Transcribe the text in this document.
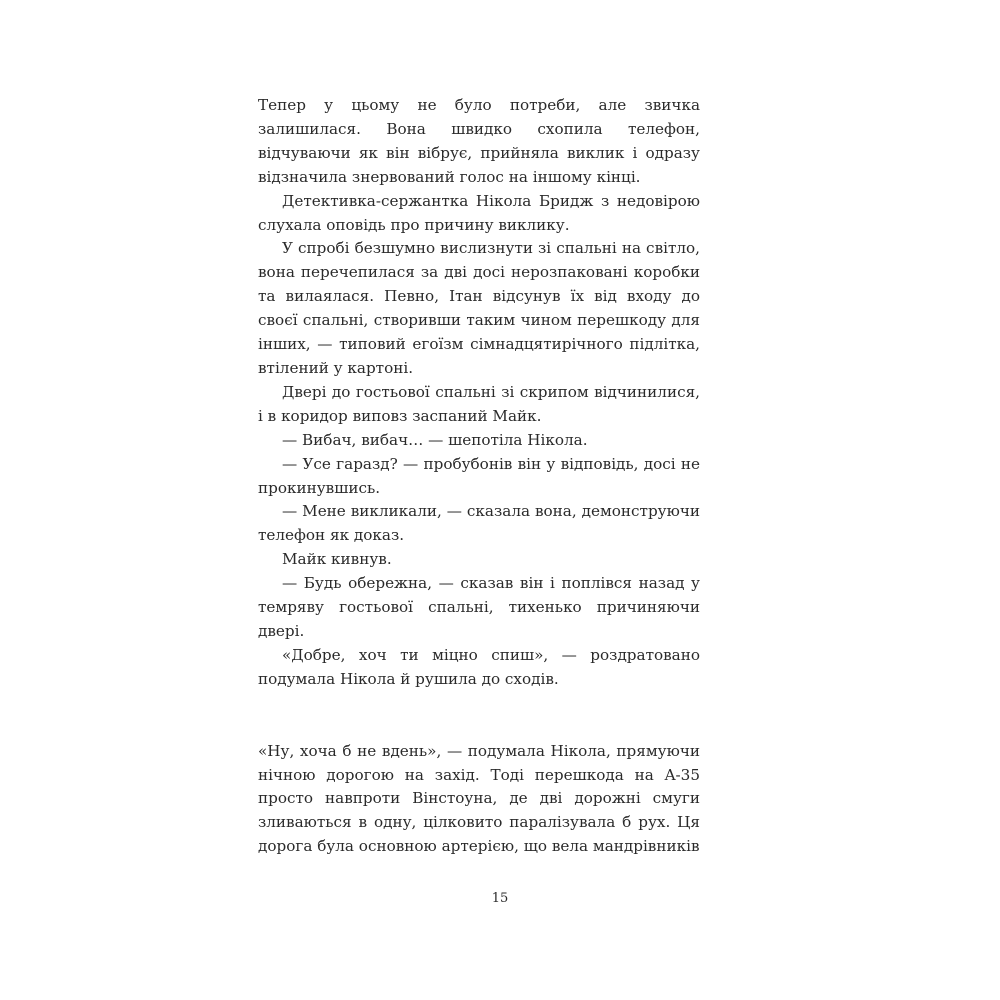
Тепер у цьому не було потреби, але звичка залишилася. Вона швидко схопила телефон, відчуваючи як він вібрує, прийняла виклик і одразу відзначила знервований голос на іншому кінці.

Детективка-сержантка Нікола Бридж з недовірою слухала оповідь про причину виклику.

У спробі безшумно вислизнути зі спальні на світло, вона перечепилася за дві досі нерозпаковані коробки та вилаялася. Певно, Ітан відсунув їх від входу до своєї спальні, створивши таким чином перешкоду для інших, — типовий егоїзм сімнадцятирічного підлітка, втілений у картоні.

Двері до гостьової спальні зі скрипом відчинилися, і в коридор виповз заспаний Майк.

— Вибач, вибач… — шепотіла Нікола.

— Усе гаразд? — пробубонів він у відповідь, досі не прокинувшись.

— Мене викликали, — сказала вона, демонструючи телефон як доказ.

Майк кивнув.

— Будь обережна, — сказав він і поплівся назад у темряву гостьової спальні, тихенько причиняючи двері.

«Добре, хоч ти міцно спиш», — роздратовано подумала Нікола й рушила до сходів.

«Ну, хоча б не вдень», — подумала Нікола, прямуючи нічною дорогою на захід. Тоді перешкода на A-35 просто навпроти Вінстоуна, де дві дорожні смуги зливаються в одну, цілковито паралізувала б рух. Ця дорога була основною артерією, що вела мандрівників

15
